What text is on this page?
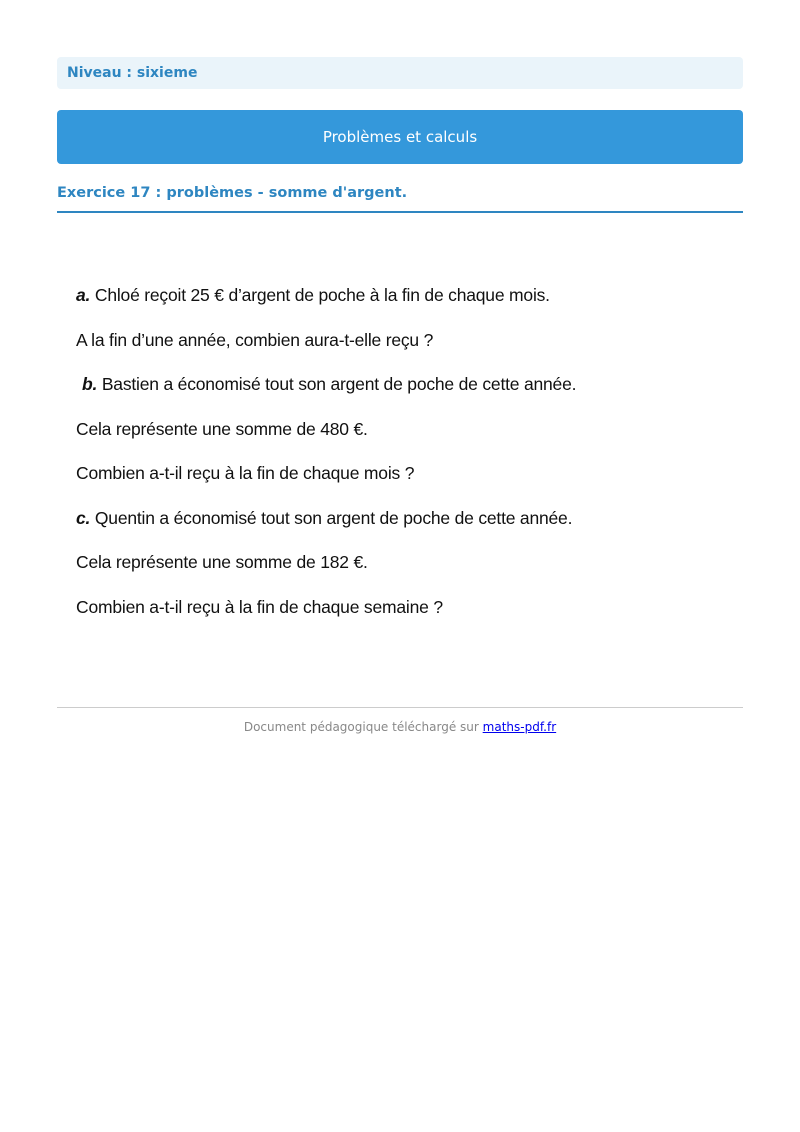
Niveau : sixieme
Problèmes et calculs
Exercice 17 : problèmes - somme d'argent.
a. Chloé reçoit 25 € d’argent de poche à la fin de chaque mois.
A la fin d’une année, combien aura-t-elle reçu ?
b. Bastien a économisé tout son argent de poche de cette année.
Cela représente une somme de 480 €.
Combien a-t-il reçu à la fin de chaque mois ?
c. Quentin a économisé tout son argent de poche de cette année.
Cela représente une somme de 182 €.
Combien a-t-il reçu à la fin de chaque semaine ?
Document pédagogique téléchargé sur maths-pdf.fr
